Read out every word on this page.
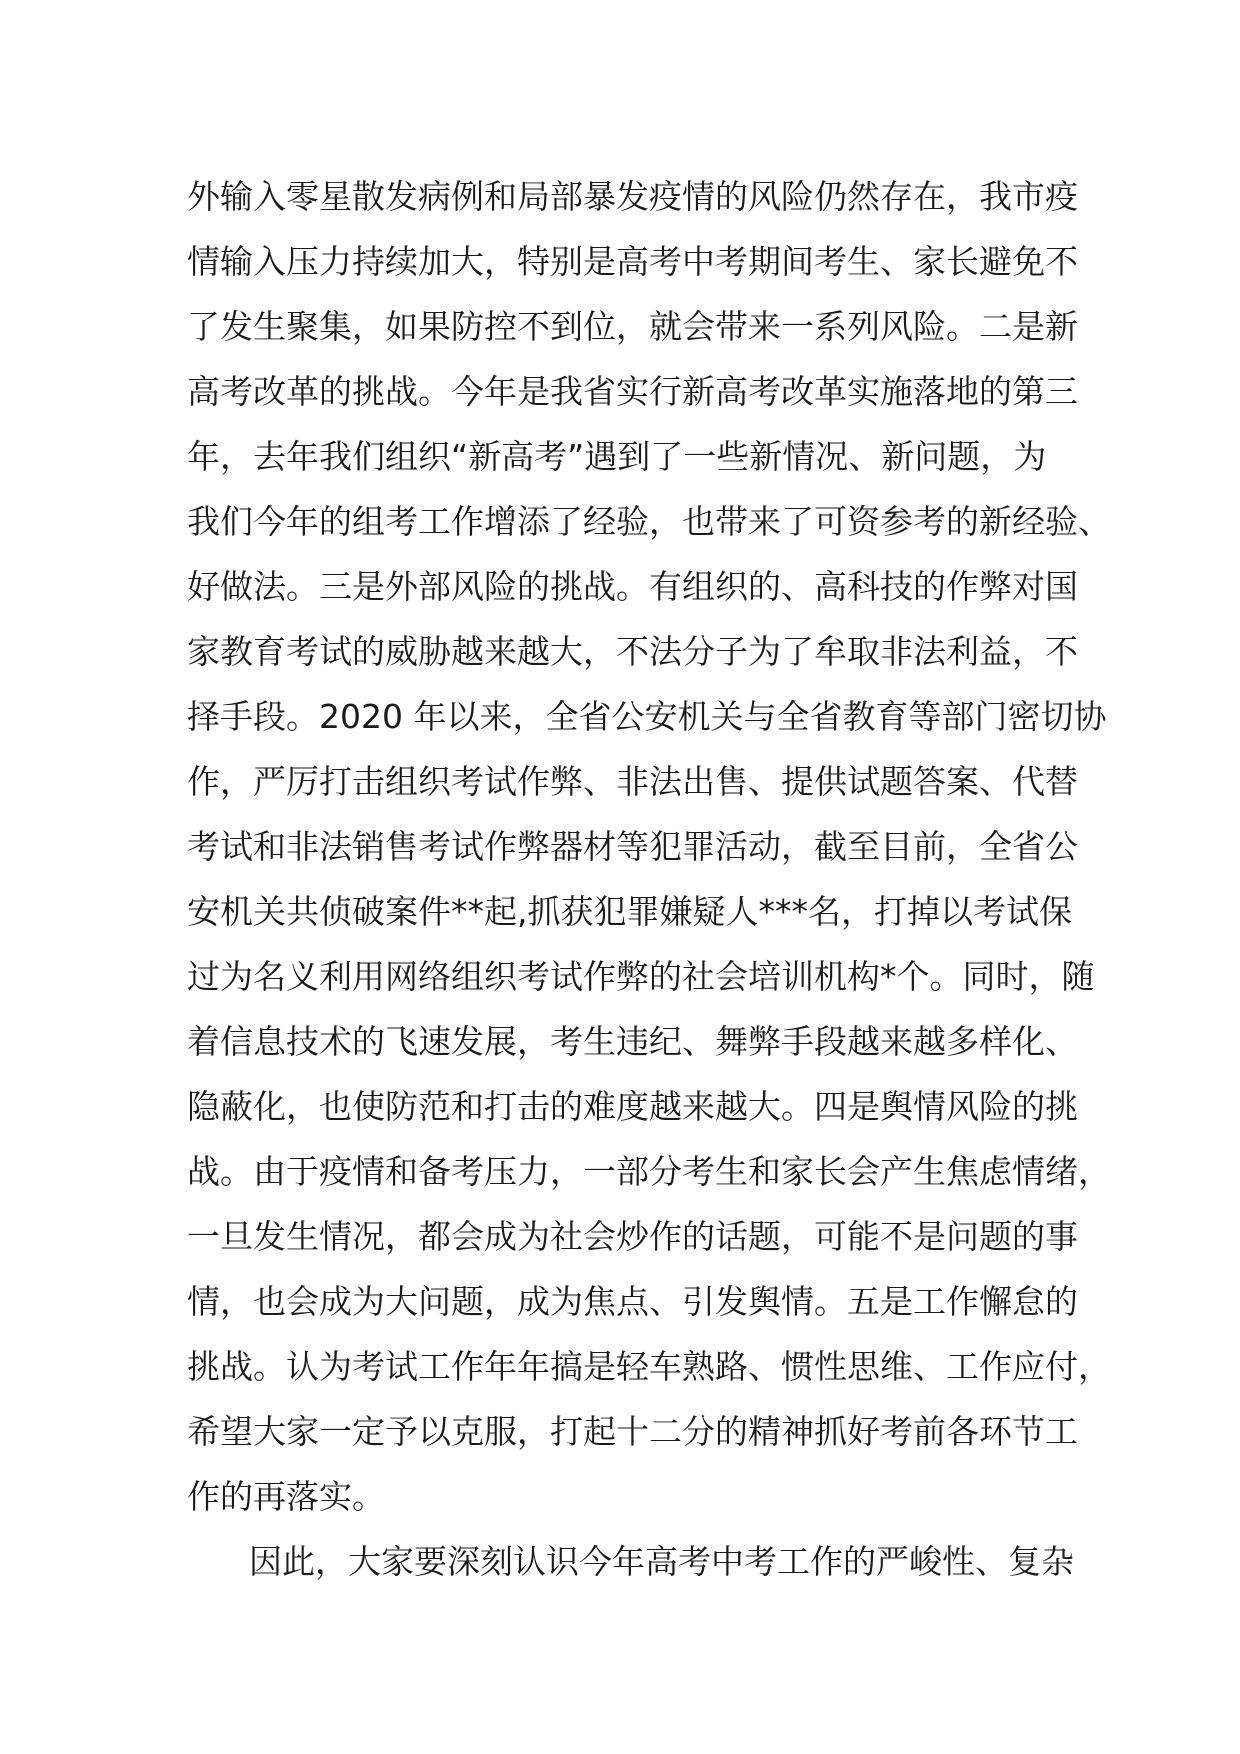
外输入零星散发病例和局部暴发疫情的风险仍然存在，我市疫
情输入压力持续加大，特别是高考中考期间考生、家长避免不
了发生聚集，如果防控不到位，就会带来一系列风险。二是新
高考改革的挑战。今年是我省实行新高考改革实施落地的第三
年，去年我们组织“新高考”遇到了一些新情况、新问题，为
我们今年的组考工作增添了经验，也带来了可资参考的新经验、
好做法。三是外部风险的挑战。有组织的、高科技的作弊对国
家教育考试的威胁越来越大，不法分子为了牟取非法利益，不
择手段。2020 年以来，全省公安机关与全省教育等部门密切协
作，严厉打击组织考试作弊、非法出售、提供试题答案、代替
考试和非法销售考试作弊器材等犯罪活动，截至目前，全省公
安机关共侦破案件**起,抓获犯罪嫌疑人***名，打掉以考试保
过为名义利用网络组织考试作弊的社会培训机构*个。同时，随
着信息技术的飞速发展，考生违纪、舞弊手段越来越多样化、
隐蔽化，也使防范和打击的难度越来越大。四是舆情风险的挑
战。由于疫情和备考压力，一部分考生和家长会产生焦虑情绪，
一旦发生情况，都会成为社会炒作的话题，可能不是问题的事
情，也会成为大问题，成为焦点、引发舆情。五是工作懈怠的
挑战。认为考试工作年年搞是轻车熟路、惯性思维、工作应付，
希望大家一定予以克服，打起十二分的精神抓好考前各环节工
作的再落实。
因此，大家要深刻认识今年高考中考工作的严峻性、复杂
